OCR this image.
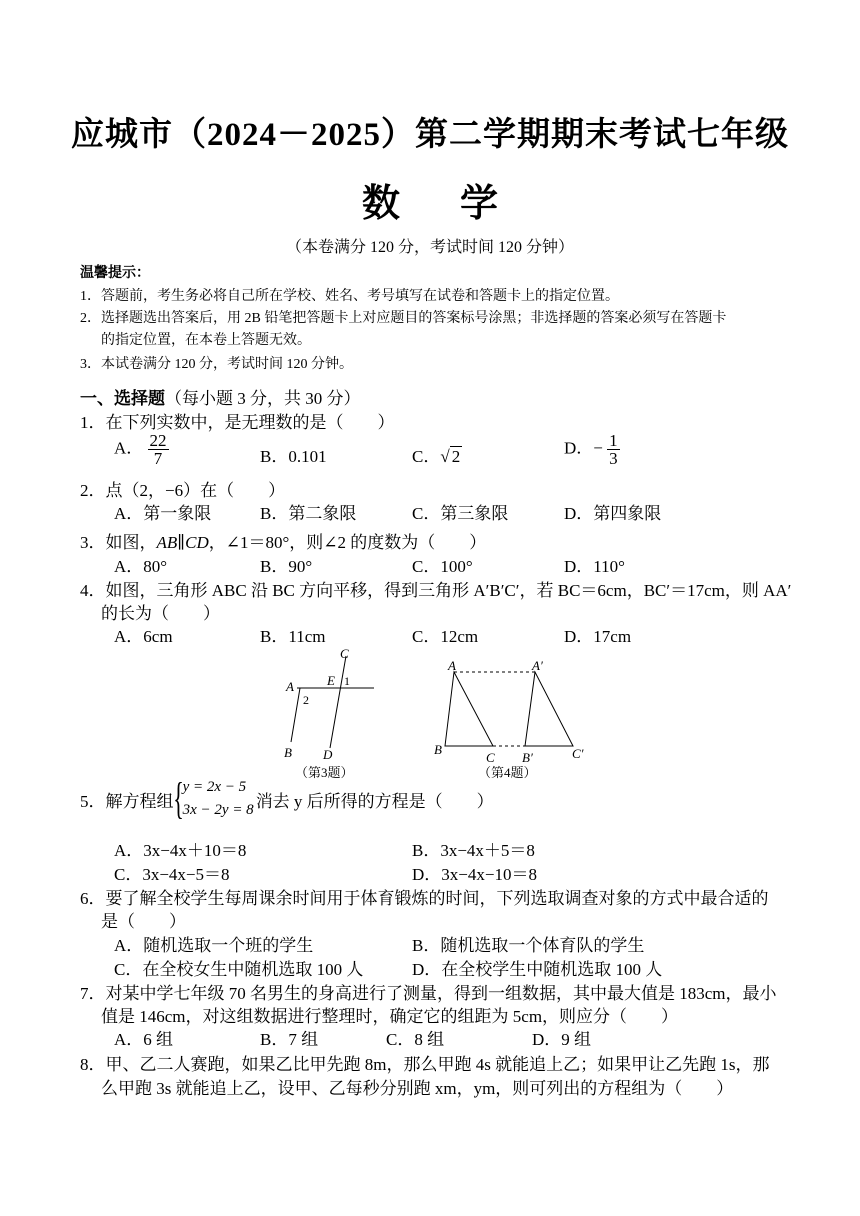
应城市（2024－2025）第二学期期末考试七年级
数学
（本卷满分 120 分，考试时间 120 分钟）
温馨提示：
1．答题前，考生务必将自己所在学校、姓名、考号填写在试卷和答题卡上的指定位置。
2．选择题选出答案后，用 2B 铅笔把答题卡上对应题目的答案标号涂黑；非选择题的答案必须写在答题卡
的指定位置，在本卷上答题无效。
3．本试卷满分 120 分，考试时间 120 分钟。
一、选择题（每小题 3 分，共 30 分）
1．在下列实数中，是无理数的是（　　）
A． $\frac{22}{7}$	B．0.101	C．√ 2	D．− $\frac{1}{3}$
2．点（2，−6）在（　　）
A．第一象限	B．第二象限	C．第三象限	D．第四象限
3．如图，AB∥CD，∠1＝80°，则∠2 的度数为（　　）
A．80°	B．90°	C．100°	D．110°
4．如图，三角形 ABC 沿 BC 方向平移，得到三角形 A′B′C′，若 BC＝6cm，BC′＝17cm，则 AA′
的长为（　　）
A．6cm	B．11cm	C．12cm	D．17cm
C
A	E 1
2
B D
（第3题）
A	A′
B
C B′	C′
（第4题）
5．解方程组{ y = 2x − 5
3x − 2y = 8 消去 y 后所得的方程是（　　）
A．3x−4x＋10＝8	B．3x−4x＋5＝8
C．3x−4x−5＝8	D．3x−4x−10＝8
6．要了解全校学生每周课余时间用于体育锻炼的时间，下列选取调查对象的方式中最合适的
是（　　）
A．随机选取一个班的学生	B．随机选取一个体育队的学生
C．在全校女生中随机选取 100 人	D．在全校学生中随机选取 100 人
7．对某中学七年级 70 名男生的身高进行了测量，得到一组数据，其中最大值是 183cm，最小
值是 146cm，对这组数据进行整理时，确定它的组距为 5cm，则应分（　　）
A．6 组	B．7 组	C．8 组	D．9 组
8．甲、乙二人赛跑，如果乙比甲先跑 8m，那么甲跑 4s 就能追上乙；如果甲让乙先跑 1s，那
么甲跑 3s 就能追上乙，设甲、乙每秒分别跑 xm，ym，则可列出的方程组为（　　）
